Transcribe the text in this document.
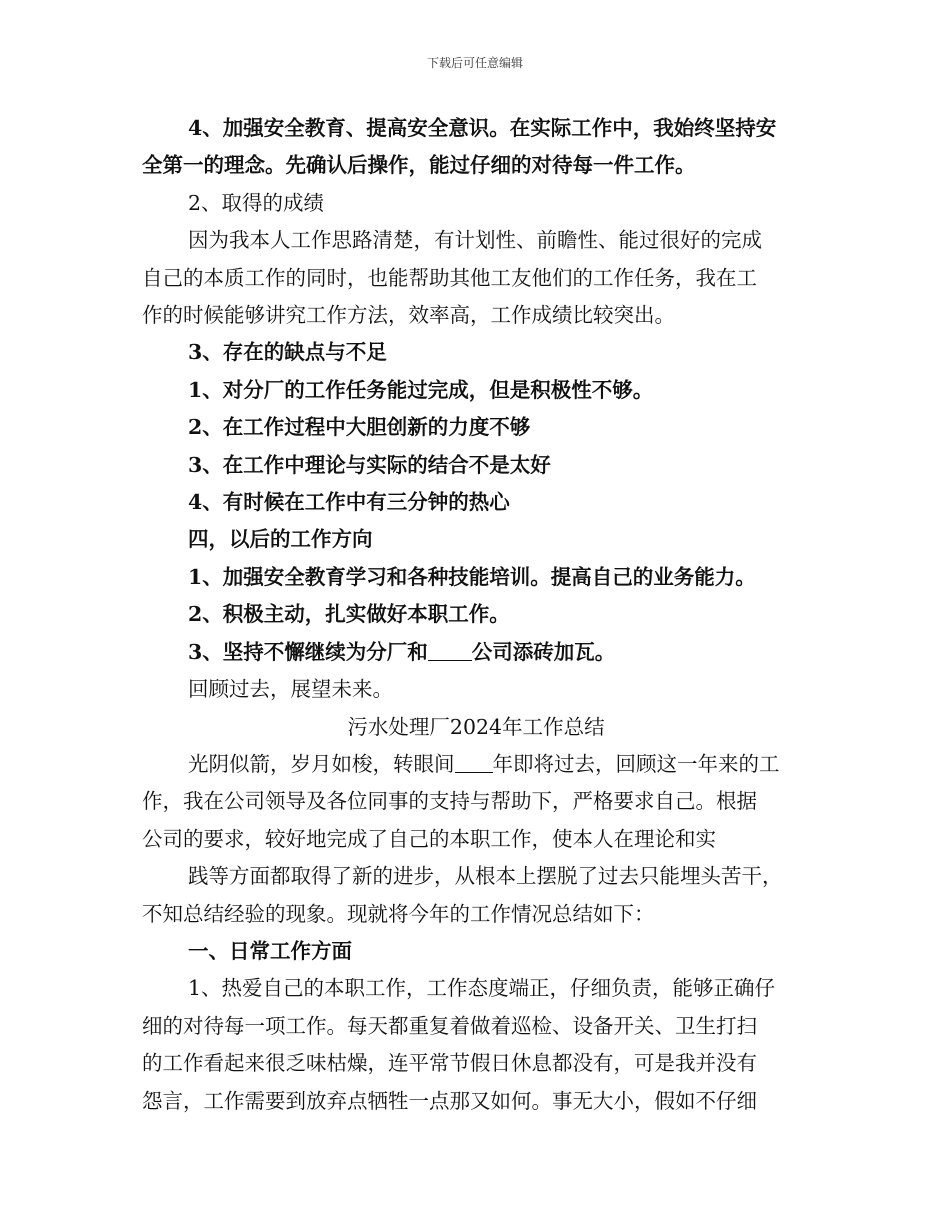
下载后可任意编辑

4、加强安全教育、提高安全意识。在实际工作中，我始终坚持安

全第一的理念。先确认后操作，能过仔细的对待每一件工作。

2、取得的成绩

因为我本人工作思路清楚，有计划性、前瞻性、能过很好的完成

自己的本质工作的同时，也能帮助其他工友他们的工作任务，我在工

作的时候能够讲究工作方法，效率高，工作成绩比较突出。

3、存在的缺点与不足

1、对分厂的工作任务能过完成，但是积极性不够。

2、在工作过程中大胆创新的力度不够

3、在工作中理论与实际的结合不是太好

4、有时候在工作中有三分钟的热心

四，以后的工作方向

1、加强安全教育学习和各种技能培训。提高自己的业务能力。

2、积极主动，扎实做好本职工作。

3、坚持不懈继续为分厂和 公司添砖加瓦。

回顾过去，展望未来。

污水处理厂2024年工作总结

光阴似箭，岁月如梭，转眼间 年即将过去，回顾这一年来的工

作，我在公司领导及各位同事的支持与帮助下，严格要求自己。根据

公司的要求，较好地完成了自己的本职工作，使本人在理论和实

践等方面都取得了新的进步，从根本上摆脱了过去只能埋头苦干，

不知总结经验的现象。现就将今年的工作情况总结如下：

一、日常工作方面

1、热爱自己的本职工作，工作态度端正，仔细负责，能够正确仔

细的对待每一项工作。每天都重复着做着巡检、设备开关、卫生打扫

的工作看起来很乏味枯燥，连平常节假日休息都没有，可是我并没有

怨言，工作需要到放弃点牺牲一点那又如何。事无大小，假如不仔细
